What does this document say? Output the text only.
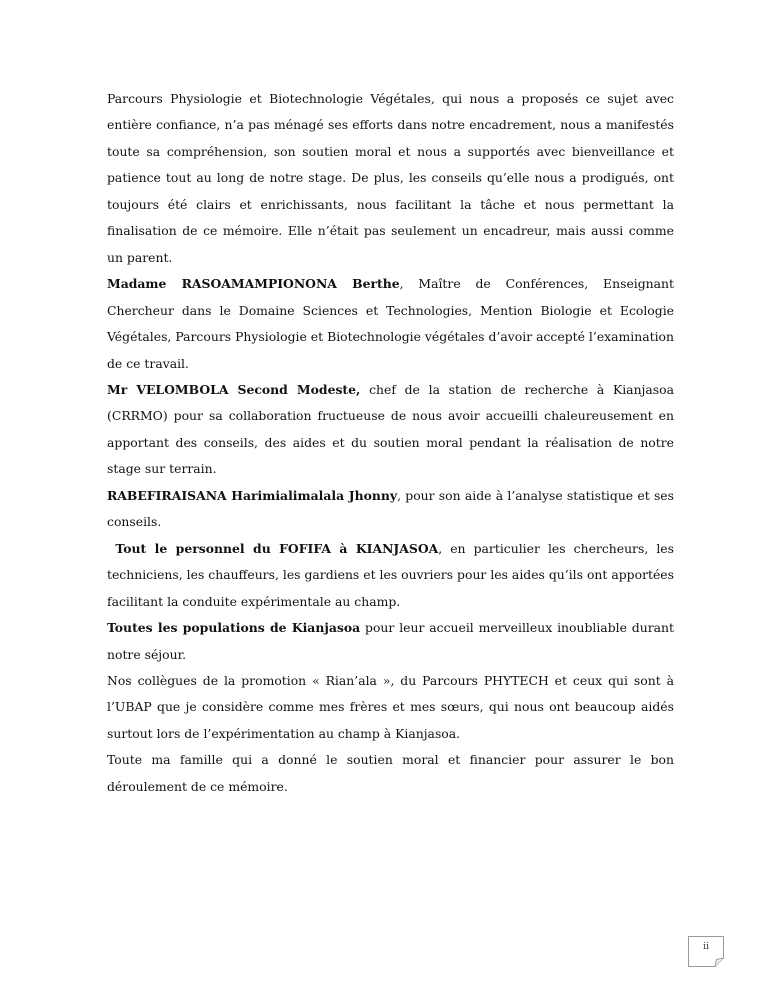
Parcours Physiologie et Biotechnologie Végétales, qui nous a proposés ce sujet avec entière confiance, n’a pas ménagé ses efforts dans notre encadrement, nous a manifestés toute sa compréhension, son soutien moral et nous a supportés avec bienveillance et patience tout au long de notre stage. De plus, les conseils qu’elle nous a prodigués, ont toujours été clairs et enrichissants, nous facilitant la tâche et nous permettant la finalisation de ce mémoire. Elle n’était pas seulement un encadreur, mais aussi comme un parent.

Madame RASOAMAMPIONONA Berthe, Maître de Conférences, Enseignant Chercheur dans le Domaine Sciences et Technologies, Mention Biologie et Ecologie Végétales, Parcours Physiologie et Biotechnologie végétales d’avoir accepté l’examination de ce travail.

Mr VELOMBOLA Second Modeste, chef de la station de recherche à Kianjasoa (CRRMO) pour sa collaboration fructueuse de nous avoir accueilli chaleureusement en apportant des conseils, des aides et du soutien moral pendant la réalisation de notre stage sur terrain.

RABEFIRAISANA Harimialimalala Jhonny, pour son aide à l’analyse statistique et ses conseils.

Tout le personnel du FOFIFA à KIANJASOA, en particulier les chercheurs, les techniciens, les chauffeurs, les gardiens et les ouvriers pour les aides qu’ils ont apportées facilitant la conduite expérimentale au champ.

Toutes les populations de Kianjasoa pour leur accueil merveilleux inoubliable durant notre séjour.

Nos collègues de la promotion « Rian’ala », du Parcours PHYTECH et ceux qui sont à l’UBAP que je considère comme mes frères et mes sœurs, qui nous ont beaucoup aidés surtout lors de l’expérimentation au champ à Kianjasoa.

Toute ma famille qui a donné le soutien moral et financier pour assurer le bon déroulement de ce mémoire.

ii
